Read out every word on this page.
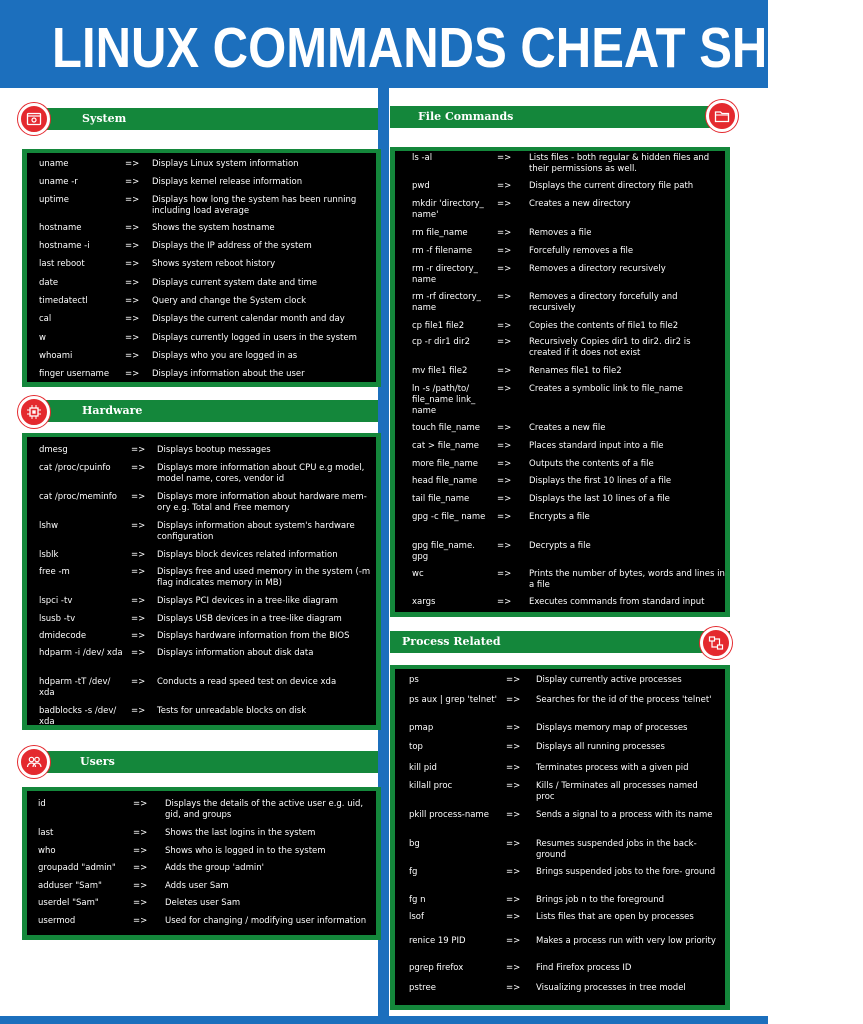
LINUX COMMANDS CHEAT SHEET
System
uname	=> Displays Linux system information
uname -r	=> Displays kernel release information
uptime	=> Displays how long the system has been running including load average
hostname	=> Shows the system hostname
hostname -i	=> Displays the IP address of the system
last reboot	=> Shows system reboot history
date	=> Displays current system date and time
timedatectl	=> Query and change the System clock
cal	=> Displays the current calendar month and day
w	=> Displays currently logged in users in the system
whoami	=> Displays who you are logged in as
finger username	=> Displays information about the user
Hardware
dmesg	=> Displays bootup messages
cat /proc/cpuinfo	=> Displays more information about CPU e.g model, model name, cores, vendor id
cat /proc/meminfo	=> Displays more information about hardware mem- ory e.g. Total and Free memory
lshw	=> Displays information about system's hardware configuration
lsblk	=> Displays block devices related information
free -m	=> Displays free and used memory in the system (-m flag indicates memory in MB)
lspci -tv	=> Displays PCI devices in a tree-like diagram
lsusb -tv	=> Displays USB devices in a tree-like diagram
dmidecode	=> Displays hardware information from the BIOS
hdparm -i /dev/ xda => Displays information about disk data
hdparm -tT /dev/ xda
=> Conducts a read speed test on device xda
badblocks -s /dev/ xda
=> Tests for unreadable blocks on disk
Users
id	=> Displays the details of the active user e.g. uid, gid, and groups
last	=> Shows the last logins in the system
who	=> Shows who is logged in to the system
groupadd "admin"	=> Adds the group 'admin'
adduser "Sam"	=> Adds user Sam
userdel "Sam"	=> Deletes user Sam
usermod	=> Used for changing / modifying user information
File Commands
ls -al	=> Lists files - both regular & hidden files and their permissions as well.
pwd	=> Displays the current directory file path
mkdir 'directory_ name'
=> Creates a new directory
rm file_name	=> Removes a file
rm -f filename	=> Forcefully removes a file
rm -r directory_ name
=> Removes a directory recursively
rm -rf directory_ name
=> Removes a directory forcefully and recursively
cp file1 file2	=> Copies the contents of file1 to file2
cp -r dir1 dir2	=> Recursively Copies dir1 to dir2. dir2 is created if it does not exist
mv file1 file2	=> Renames file1 to file2
ln -s /path/to/ file_name link_ name
=> Creates a symbolic link to file_name
touch file_name	=> Creates a new file
cat > file_name	=> Places standard input into a file
more file_name	=> Outputs the contents of a file
head file_name	=> Displays the first 10 lines of a file
tail file_name	=> Displays the last 10 lines of a file
gpg -c file_ name	=> Encrypts a file
gpg file_name. gpg
=> Decrypts a file
wc	=> Prints the number of bytes, words and lines in a file
xargs	=> Executes commands from standard input
Process Related
ps	=> Display currently active processes
ps aux | grep 'telnet'	=> Searches for the id of the process 'telnet'
pmap	=> Displays memory map of processes
top	=> Displays all running processes
kill pid	=> Terminates process with a given pid
killall proc	=> Kills / Terminates all processes named proc
pkill process-name	=> Sends a signal to a process with its name
bg	=> Resumes suspended jobs in the back- ground
fg	=> Brings suspended jobs to the fore- ground
fg n	=> Brings job n to the foreground
lsof	=> Lists files that are open by processes
renice 19 PID	=> Makes a process run with very low priority
pgrep firefox	=> Find Firefox process ID
pstree	=> Visualizing processes in tree model
